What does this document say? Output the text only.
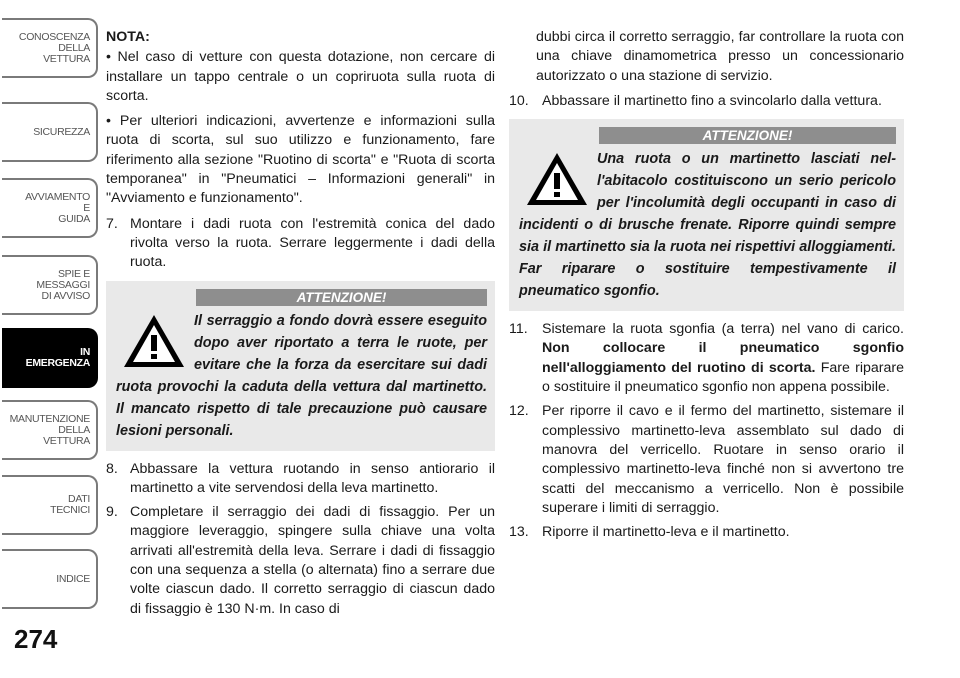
CONOSCENZA
DELLA
VETTURA
SICUREZZA
AVVIAMENTO
E
GUIDA
SPIE E
MESSAGGI
DI AVVISO
IN
EMERGENZA
MANUTENZIONE
DELLA
VETTURA
DATI
TECNICI
INDICE
274
NOTA:

• Nel caso di vetture con questa dotazione, non cercare di installare un tappo centrale o un copriruota sulla ruota di scorta.

• Per ulteriori indicazioni, avvertenze e informazioni sulla ruota di scorta, sul suo utilizzo e funzionamento, fare riferimento alla sezione "Ruotino di scorta" e "Ruota di scorta temporanea" in "Pneumatici – Informazioni generali" in "Avviamento e funzionamento".

7. Montare i dadi ruota con l'estremità conica del dado rivolta verso la ruota. Serrare leggermente i dadi della ruota.
ATTENZIONE!
Il serraggio a fondo dovrà essere eseguito dopo aver riportato a terra le ruote, per evitare che la forza da esercitare sui dadi ruota provochi la caduta della vettura dal martinetto. Il mancato rispetto di tale precauzione può causare lesioni personali.
8. Abbassare la vettura ruotando in senso antiorario il martinetto a vite servendosi della leva martinetto.
9. Completare il serraggio dei dadi di fissaggio. Per un maggiore leveraggio, spingere sulla chiave una volta arrivati all'estremità della leva. Serrare i dadi di fissaggio con una sequenza a stella (o alternata) fino a serrare due volte ciascun dado. Il corretto serraggio di ciascun dado di fissaggio è 130 N·m. In caso di

dubbi circa il corretto serraggio, far controllare la ruota con una chiave dinamometrica presso un concessionario autorizzato o una stazione di servizio.

10. Abbassare il martinetto fino a svincolarlo dalla vettura.
ATTENZIONE!
Una ruota o un martinetto lasciati nell'abitacolo costituiscono un serio pericolo per l'incolumità degli occupanti in caso di incidenti o di brusche frenate. Riporre quindi sempre sia il martinetto sia la ruota nei rispettivi alloggiamenti. Far riparare o sostituire tempestivamente il pneumatico sgonfio.
11.	Sistemare la ruota sgonfia (a terra) nel vano di carico. Non collocare il pneumatico sgonfio nell'alloggiamento del ruotino di scorta. Fare riparare o sostituire il pneumatico sgonfio non appena possibile.
12. Per riporre il cavo e il fermo del martinetto, sistemare il complessivo martinetto-leva assemblato sul dado di manovra del verricello. Ruotare in senso orario il complessivo martinetto-leva finché non si avvertono tre scatti del meccanismo a verricello. Non è possibile superare i limiti di serraggio.
13. Riporre il martinetto-leva e il martinetto.
